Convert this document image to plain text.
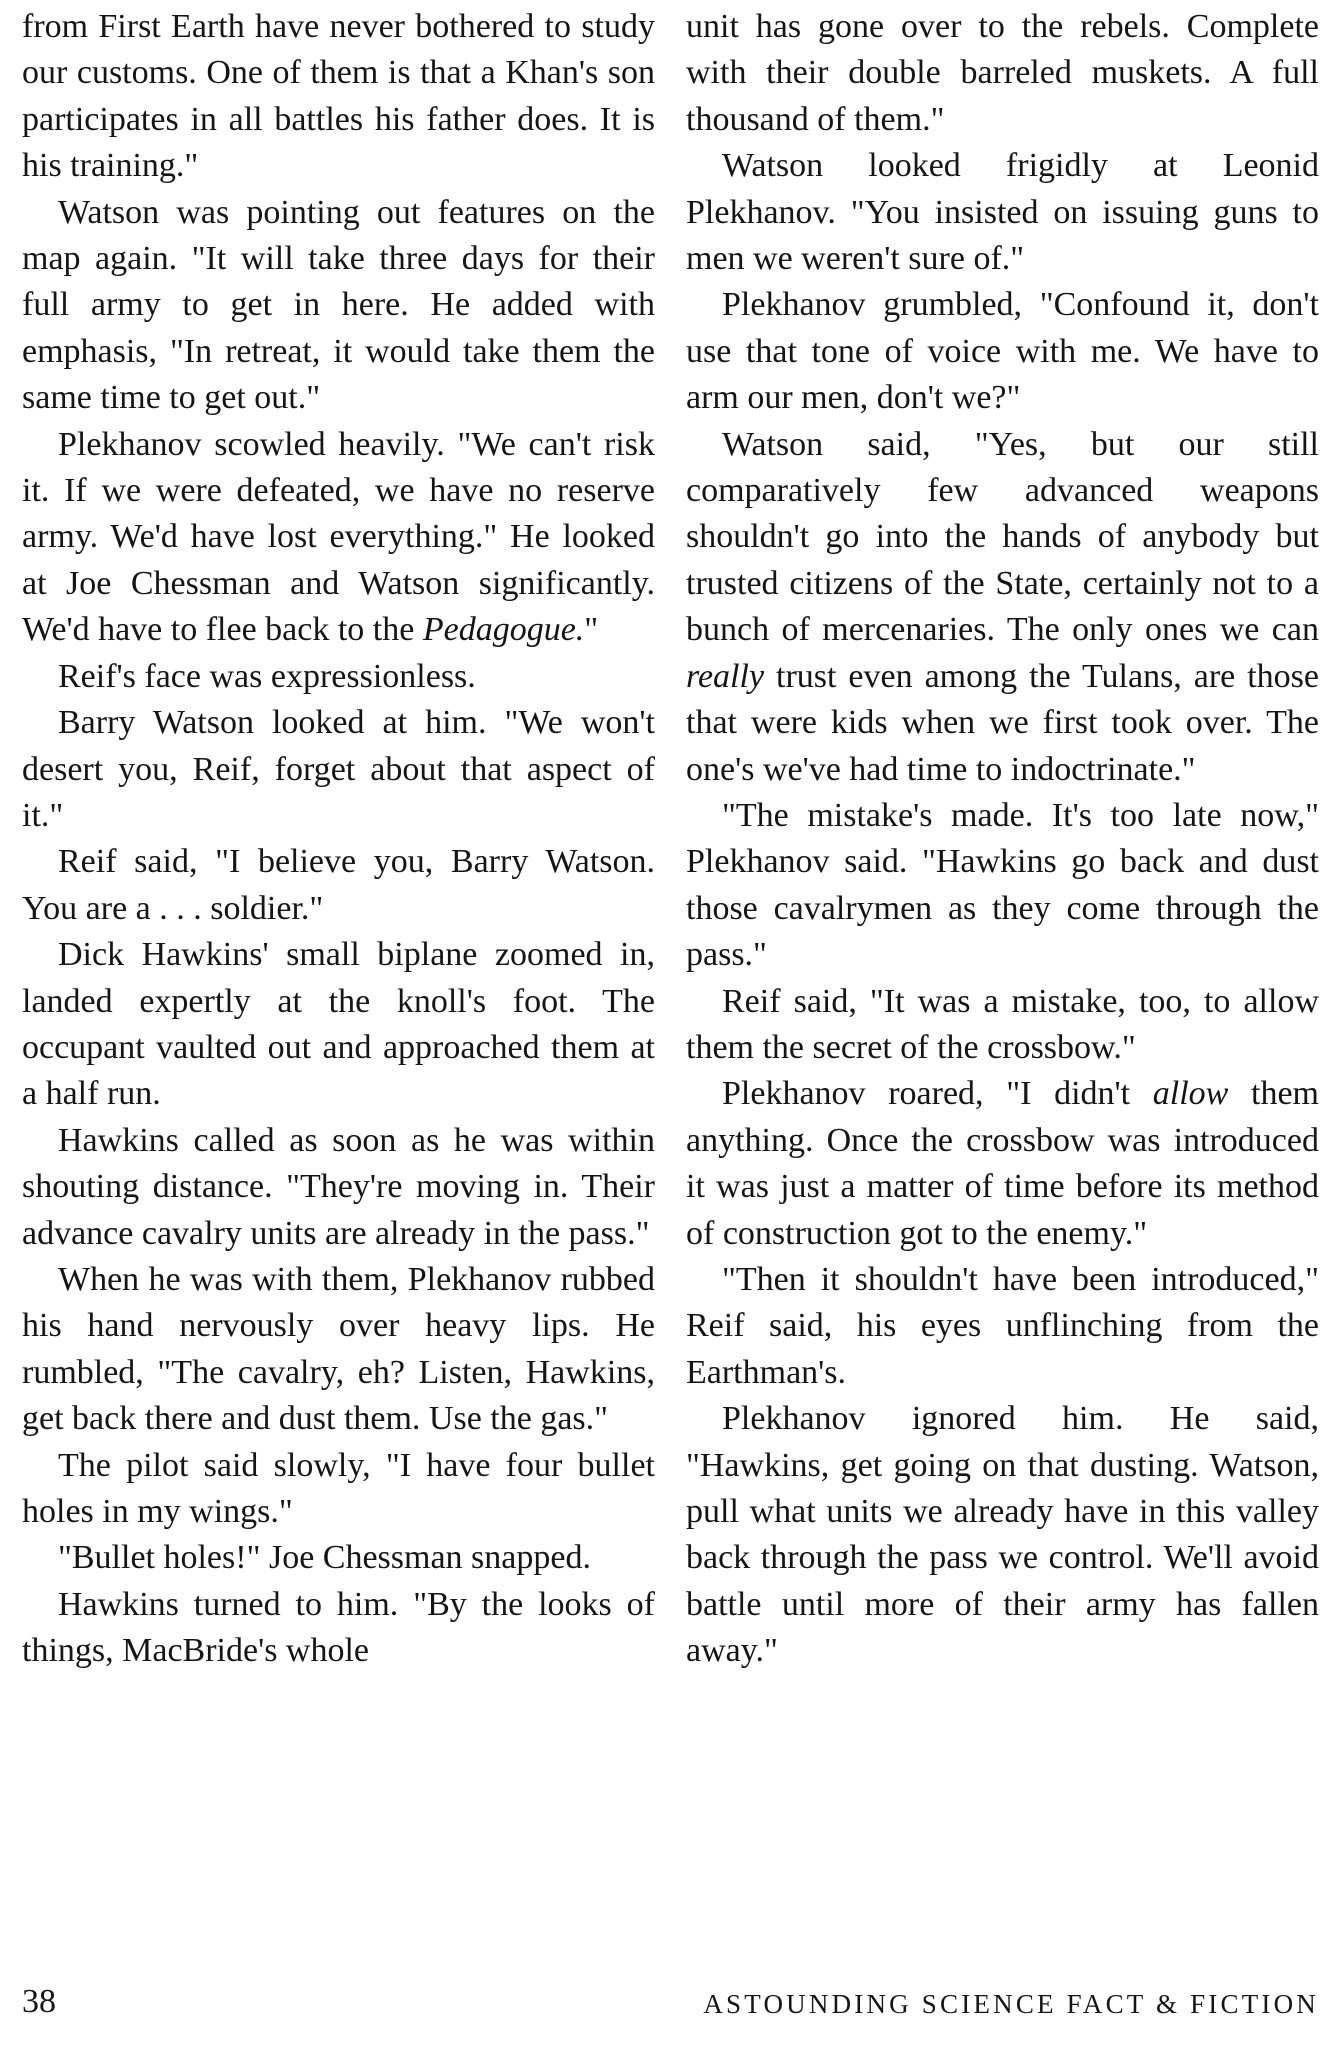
from First Earth have never bothered to study our customs. One of them is that a Khan's son participates in all battles his father does. It is his training."

Watson was pointing out features on the map again. "It will take three days for their full army to get in here. He added with emphasis, "In retreat, it would take them the same time to get out."

Plekhanov scowled heavily. "We can't risk it. If we were defeated, we have no reserve army. We'd have lost everything." He looked at Joe Chessman and Watson significantly. We'd have to flee back to the Pedagogue."

Reif's face was expressionless.

Barry Watson looked at him. "We won't desert you, Reif, forget about that aspect of it."

Reif said, "I believe you, Barry Watson. You are a . . . soldier."

Dick Hawkins' small biplane zoomed in, landed expertly at the knoll's foot. The occupant vaulted out and approached them at a half run.

Hawkins called as soon as he was within shouting distance. "They're moving in. Their advance cavalry units are already in the pass."

When he was with them, Plekhanov rubbed his hand nervously over heavy lips. He rumbled, "The cavalry, eh? Listen, Hawkins, get back there and dust them. Use the gas."

The pilot said slowly, "I have four bullet holes in my wings."

"Bullet holes!" Joe Chessman snapped.

Hawkins turned to him. "By the looks of things, MacBride's whole

unit has gone over to the rebels. Complete with their double barreled muskets. A full thousand of them."

Watson looked frigidly at Leonid Plekhanov. "You insisted on issuing guns to men we weren't sure of."

Plekhanov grumbled, "Confound it, don't use that tone of voice with me. We have to arm our men, don't we?"

Watson said, "Yes, but our still comparatively few advanced weapons shouldn't go into the hands of anybody but trusted citizens of the State, certainly not to a bunch of mercenaries. The only ones we can really trust even among the Tulans, are those that were kids when we first took over. The one's we've had time to indoctrinate."

"The mistake's made. It's too late now," Plekhanov said. "Hawkins go back and dust those cavalrymen as they come through the pass."

Reif said, "It was a mistake, too, to allow them the secret of the crossbow."

Plekhanov roared, "I didn't allow them anything. Once the crossbow was introduced it was just a matter of time before its method of construction got to the enemy."

"Then it shouldn't have been introduced," Reif said, his eyes unflinching from the Earthman's.

Plekhanov ignored him. He said, "Hawkins, get going on that dusting. Watson, pull what units we already have in this valley back through the pass we control. We'll avoid battle until more of their army has fallen away."

38	ASTOUNDING SCIENCE FACT & FICTION
